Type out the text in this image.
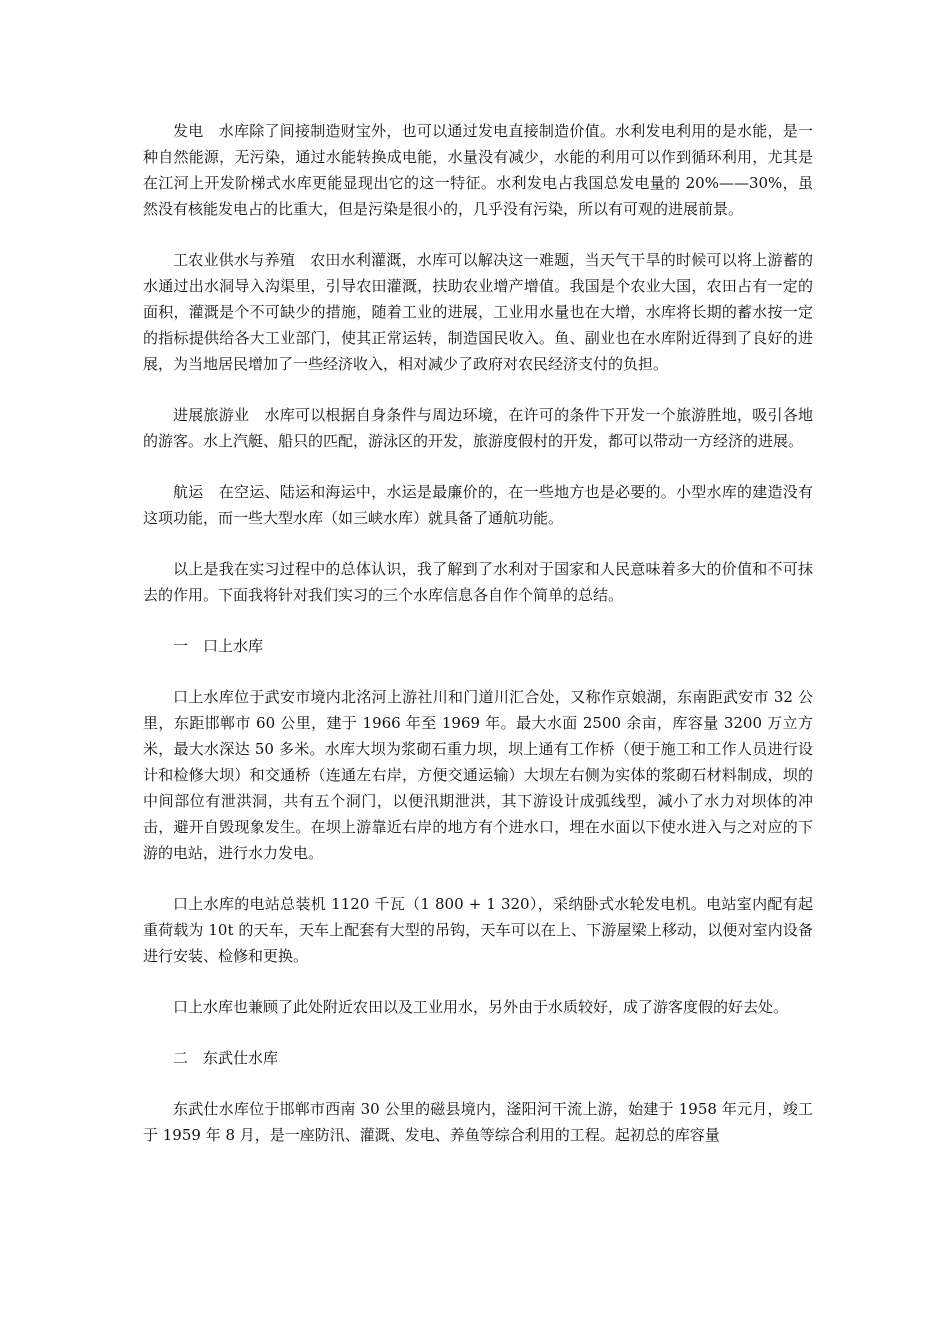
发电　水库除了间接制造财宝外，也可以通过发电直接制造价值。水利发电利用的是水能，是一种自然能源，无污染，通过水能转换成电能，水量没有减少，水能的利用可以作到循环利用，尤其是在江河上开发阶梯式水库更能显现出它的这一特征。水利发电占我国总发电量的 20%——30%，虽然没有核能发电占的比重大，但是污染是很小的，几乎没有污染，所以有可观的进展前景。

工农业供水与养殖　农田水利灌溉，水库可以解决这一难题，当天气干旱的时候可以将上游蓄的水通过出水洞导入沟渠里，引导农田灌溉，扶助农业增产增值。我国是个农业大国，农田占有一定的面积，灌溉是个不可缺少的措施，随着工业的进展，工业用水量也在大增，水库将长期的蓄水按一定的指标提供给各大工业部门，使其正常运转，制造国民收入。鱼、副业也在水库附近得到了良好的进展，为当地居民增加了一些经济收入，相对减少了政府对农民经济支付的负担。

进展旅游业　水库可以根据自身条件与周边环境，在许可的条件下开发一个旅游胜地，吸引各地的游客。水上汽艇、船只的匹配，游泳区的开发，旅游度假村的开发，都可以带动一方经济的进展。

航运　在空运、陆运和海运中，水运是最廉价的，在一些地方也是必要的。小型水库的建造没有这项功能，而一些大型水库（如三峡水库）就具备了通航功能。

以上是我在实习过程中的总体认识，我了解到了水利对于国家和人民意味着多大的价值和不可抹去的作用。下面我将针对我们实习的三个水库信息各自作个简单的总结。

一　口上水库

口上水库位于武安市境内北洺河上游社川和门道川汇合处，又称作京娘湖，东南距武安市 32 公里，东距邯郸市 60 公里，建于 1966 年至 1969 年。最大水面 2500 余亩，库容量 3200 万立方米，最大水深达 50 多米。水库大坝为浆砌石重力坝，坝上通有工作桥（便于施工和工作人员进行设计和检修大坝）和交通桥（连通左右岸，方便交通运输）大坝左右侧为实体的浆砌石材料制成，坝的中间部位有泄洪洞，共有五个洞门，以便汛期泄洪，其下游设计成弧线型，减小了水力对坝体的冲击，避开自毁现象发生。在坝上游靠近右岸的地方有个进水口，埋在水面以下使水进入与之对应的下游的电站，进行水力发电。

口上水库的电站总装机 1120 千瓦（1 800 + 1 320），采纳卧式水轮发电机。电站室内配有起重荷载为 10t 的天车，天车上配套有大型的吊钩，天车可以在上、下游屋梁上移动，以便对室内设备进行安装、检修和更换。

口上水库也兼顾了此处附近农田以及工业用水，另外由于水质较好，成了游客度假的好去处。

二　东武仕水库

东武仕水库位于邯郸市西南 30 公里的磁县境内，滏阳河干流上游，始建于 1958 年元月，竣工于 1959 年 8 月，是一座防汛、灌溉、发电、养鱼等综合利用的工程。起初总的库容量
